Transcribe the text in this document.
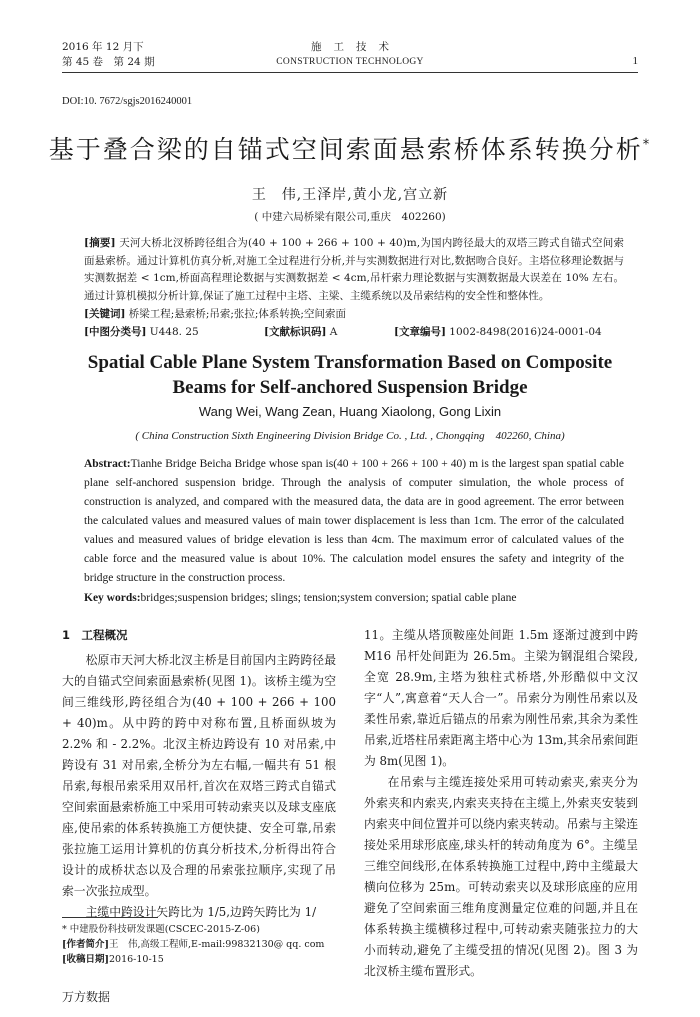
2016 年 12 月下
第 45 卷　第 24 期
施工技术
CONSTRUCTION TECHNOLOGY	1
DOI:10. 7672/sgjs2016240001
基于叠合梁的自锚式空间索面悬索桥体系转换分析*
王　伟,王泽岸,黄小龙,宫立新
( 中建六局桥梁有限公司,重庆　402260)
[摘要] 天河大桥北汊桥跨径组合为(40 + 100 + 266 + 100 + 40)m,为国内跨径最大的双塔三跨式自锚式空间索面悬索桥。通过计算机仿真分析,对施工全过程进行分析,并与实测数据进行对比,数据吻合良好。主塔位移理论数据与实测数据差 < 1cm,桥面高程理论数据与实测数据差 < 4cm,吊杆索力理论数据与实测数据最大误差在 10% 左右。通过计算机模拟分析计算,保证了施工过程中主塔、主梁、主缆系统以及吊索结构的安全性和整体性。
[关键词] 桥梁工程;悬索桥;吊索;张拉;体系转换;空间索面
[中图分类号] U448. 25	[文献标识码] A	[文章编号] 1002-8498(2016)24-0001-04
Spatial Cable Plane System Transformation Based on Composite
Beams for Self-anchored Suspension Bridge
Wang Wei, Wang Zean, Huang Xiaolong, Gong Lixin
( China Construction Sixth Engineering Division Bridge Co. , Ltd. , Chongqing　402260, China)
Abstract:Tianhe Bridge Beicha Bridge whose span is(40 + 100 + 266 + 100 + 40) m is the largest span spatial cable plane self-anchored suspension bridge. Through the analysis of computer simulation, the whole process of construction is analyzed, and compared with the measured data, the data are in good agreement. The error between the calculated values and measured values of main tower displacement is less than 1cm. The error of the calculated values and measured values of bridge elevation is less than 4cm. The maximum error of calculated values of the cable force and the measured value is about 10%. The calculation model ensures the safety and integrity of the bridge structure in the construction process.
Key words:bridges;suspension bridges; slings; tension;system conversion; spatial cable plane
1　工程概况

松原市天河大桥北汊主桥是目前国内主跨跨径最大的自锚式空间索面悬索桥(见图 1)。该桥主缆为空间三维线形,跨径组合为(40 + 100 + 266 + 100 + 40)m。从中跨的跨中对称布置,且桥面纵坡为 2.2% 和 - 2.2%。北汊主桥边跨设有 10 对吊索,中跨设有 31 对吊索,全桥分为左右幅,一幅共有 51 根吊索,每根吊索采用双吊杆,首次在双塔三跨式自锚式空间索面悬索桥施工中采用可转动索夹以及球支座底座,使吊索的体系转换施工方便快捷、安全可靠,吊索张拉施工运用计算机的仿真分析技术,分析得出符合设计的成桥状态以及合理的吊索张拉顺序,实现了吊索一次张拉成型。

主缆中跨设计矢跨比为 1/5,边跨矢跨比为 1/

11。主缆从塔顶鞍座处间距 1.5m 逐渐过渡到中跨 M16 吊杆处间距为 26.5m。主梁为钢混组合梁段,全宽 28.9m,主塔为独柱式桥塔,外形酷似中文汉字“人”,寓意着“天人合一”。吊索分为刚性吊索以及柔性吊索,靠近后锚点的吊索为刚性吊索,其余为柔性吊索,近塔柱吊索距离主塔中心为 13m,其余吊索间距为 8m(见图 1)。

在吊索与主缆连接处采用可转动索夹,索夹分为外索夹和内索夹,内索夹夹持在主缆上,外索夹安装到内索夹中间位置并可以绕内索夹转动。吊索与主梁连接处采用球形底座,球头杆的转动角度为 6°。主缆呈三维空间线形,在体系转换施工过程中,跨中主缆最大横向位移为 25m。可转动索夹以及球形底座的应用避免了空间索面三维角度测量定位难的问题,并且在体系转换主缆横移过程中,可转动索夹随张拉力的大小而转动,避免了主缆受扭的情况(见图 2)。图 3 为北汊桥主缆布置形式。

* 中建股份科技研发课题(CSCEC-2015-Z-06)
[作者简介]王　伟,高级工程师,E-mail:99832130@ qq. com
[收稿日期]2016-10-15
万方数据
